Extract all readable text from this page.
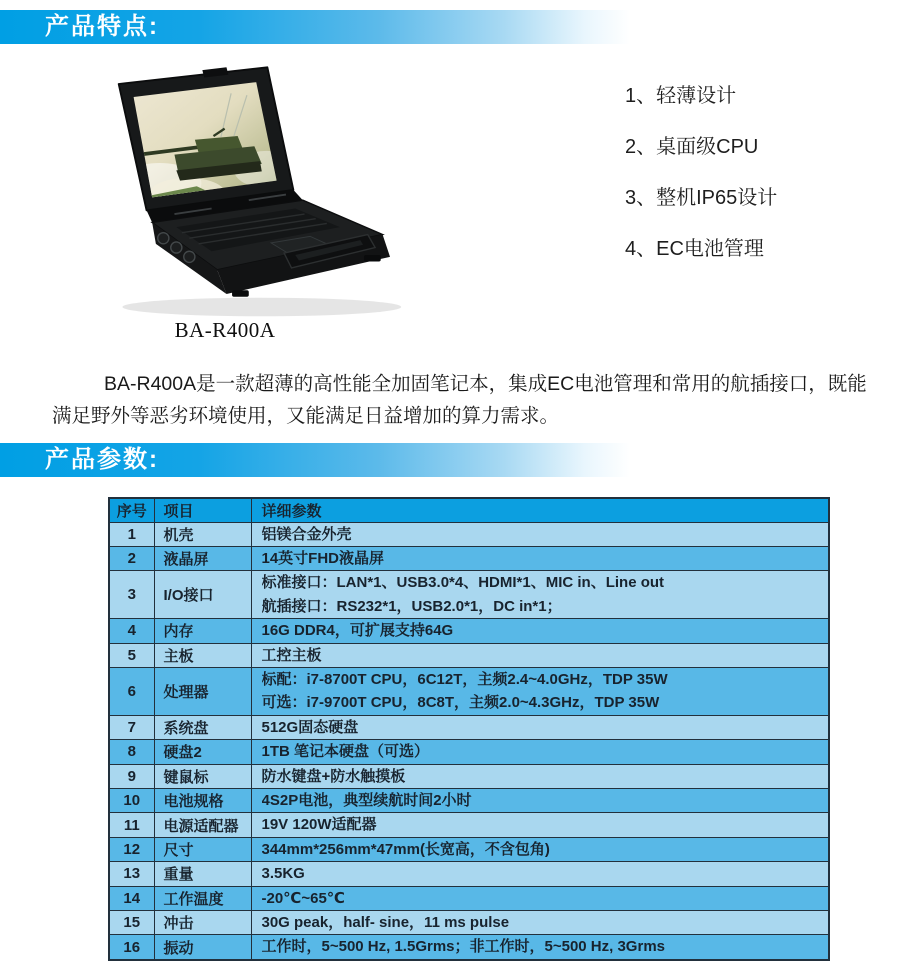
产品特点:
BA-R400A
1、轻薄设计
2、桌面级CPU
3、整机IP65设计
4、EC电池管理

BA-R400A是一款超薄的高性能全加固笔记本，集成EC电池管理和常用的航插接口，既能满足野外等恶劣环境使用，又能满足日益增加的算力需求。

产品参数:
序号	项目	详细参数
1	机壳	铝镁合金外壳

2	液晶屏	14英寸FHD液晶屏

3	I/O接口	标准接口：LAN*1、USB3.0*4、HDMI*1、MIC in、Line out
航插接口：RS232*1，USB2.0*1，DC in*1；

4	内存	16G DDR4，可扩展支持64G

5	主板	工控主板

6	处理器	标配：i7-8700T CPU，6C12T，主频2.4~4.0GHz，TDP 35W
可选：i7-9700T CPU，8C8T，主频2.0~4.3GHz，TDP 35W

7	系统盘	512G固态硬盘

8	硬盘2	1TB 笔记本硬盘（可选）

9	键鼠标	防水键盘+防水触摸板

10	电池规格	4S2P电池，典型续航时间2小时

11	电源适配器	19V 120W适配器

12	尺寸	344mm*256mm*47mm(长宽高，不含包角)

13	重量	3.5KG

14	工作温度	-20℃~65℃

15	冲击	30G peak，half- sine，11 ms pulse

16	振动	工作时，5~500 Hz, 1.5Grms；非工作时，5~500 Hz, 3Grms
